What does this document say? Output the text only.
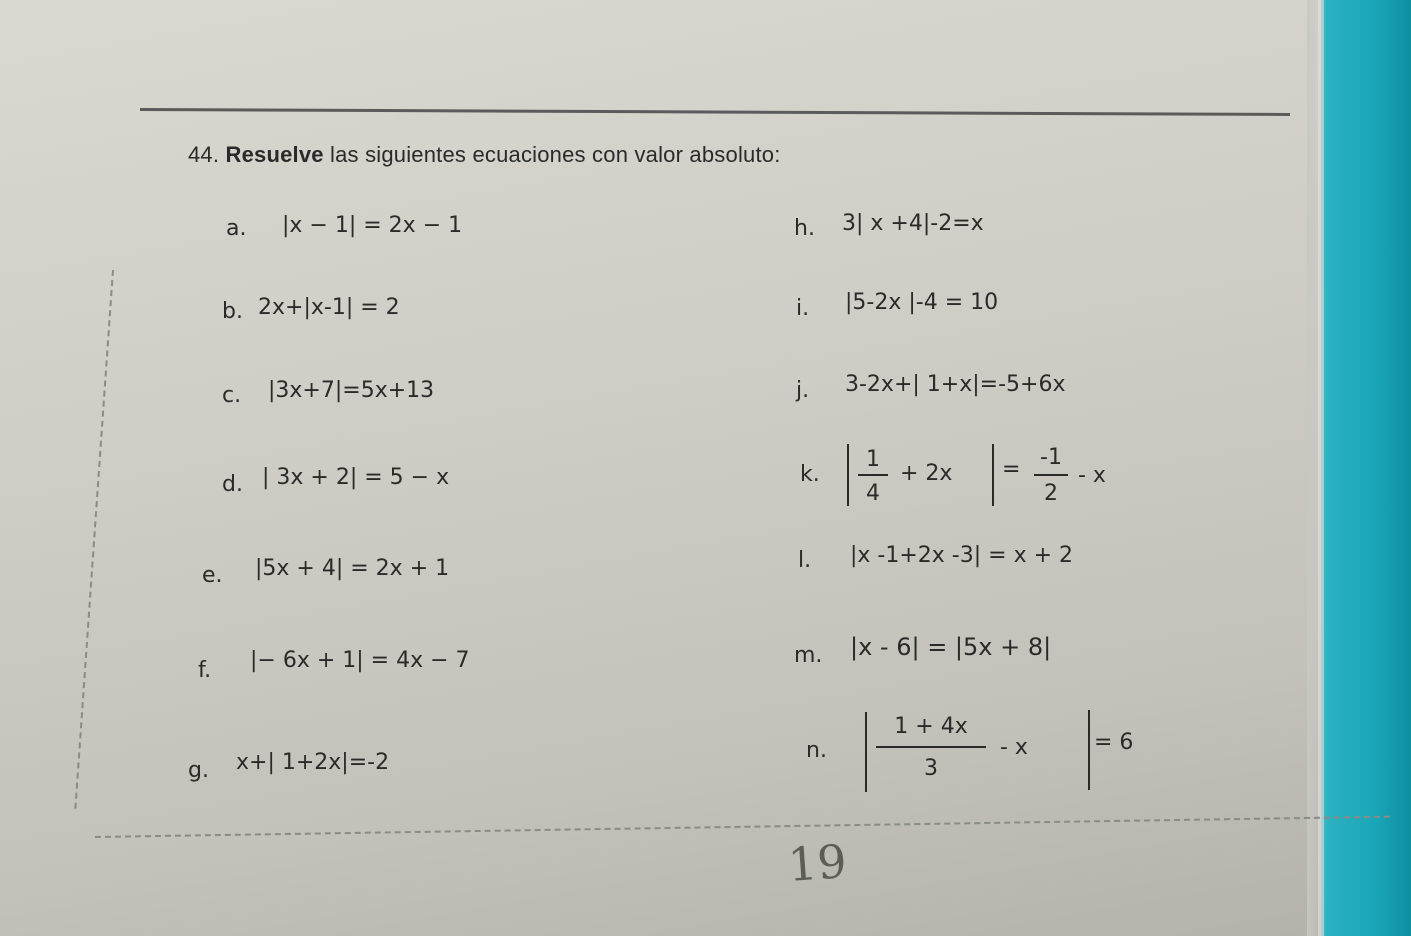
44. Resuelve las siguientes ecuaciones con valor absoluto:
a. |x − 1| = 2x − 1
b. 2x+|x-1| = 2
c. |3x+7|=5x+13
d. | 3x + 2| = 5 − x
e. |5x + 4| = 2x + 1
f. |− 6x + 1| = 4x − 7
g. x+| 1+2x|=-2
h. 3| x +4|-2=x
i. |5-2x |-4 = 10
j. 3-2x+| 1+x|=-5+6x
k.
1
4
+ 2x = -1
2
- x
l. |x -1+2x -3| = x + 2
m. |x - 6| = |5x + 8|
n.
1 + 4x
3
- x	= 6
19
